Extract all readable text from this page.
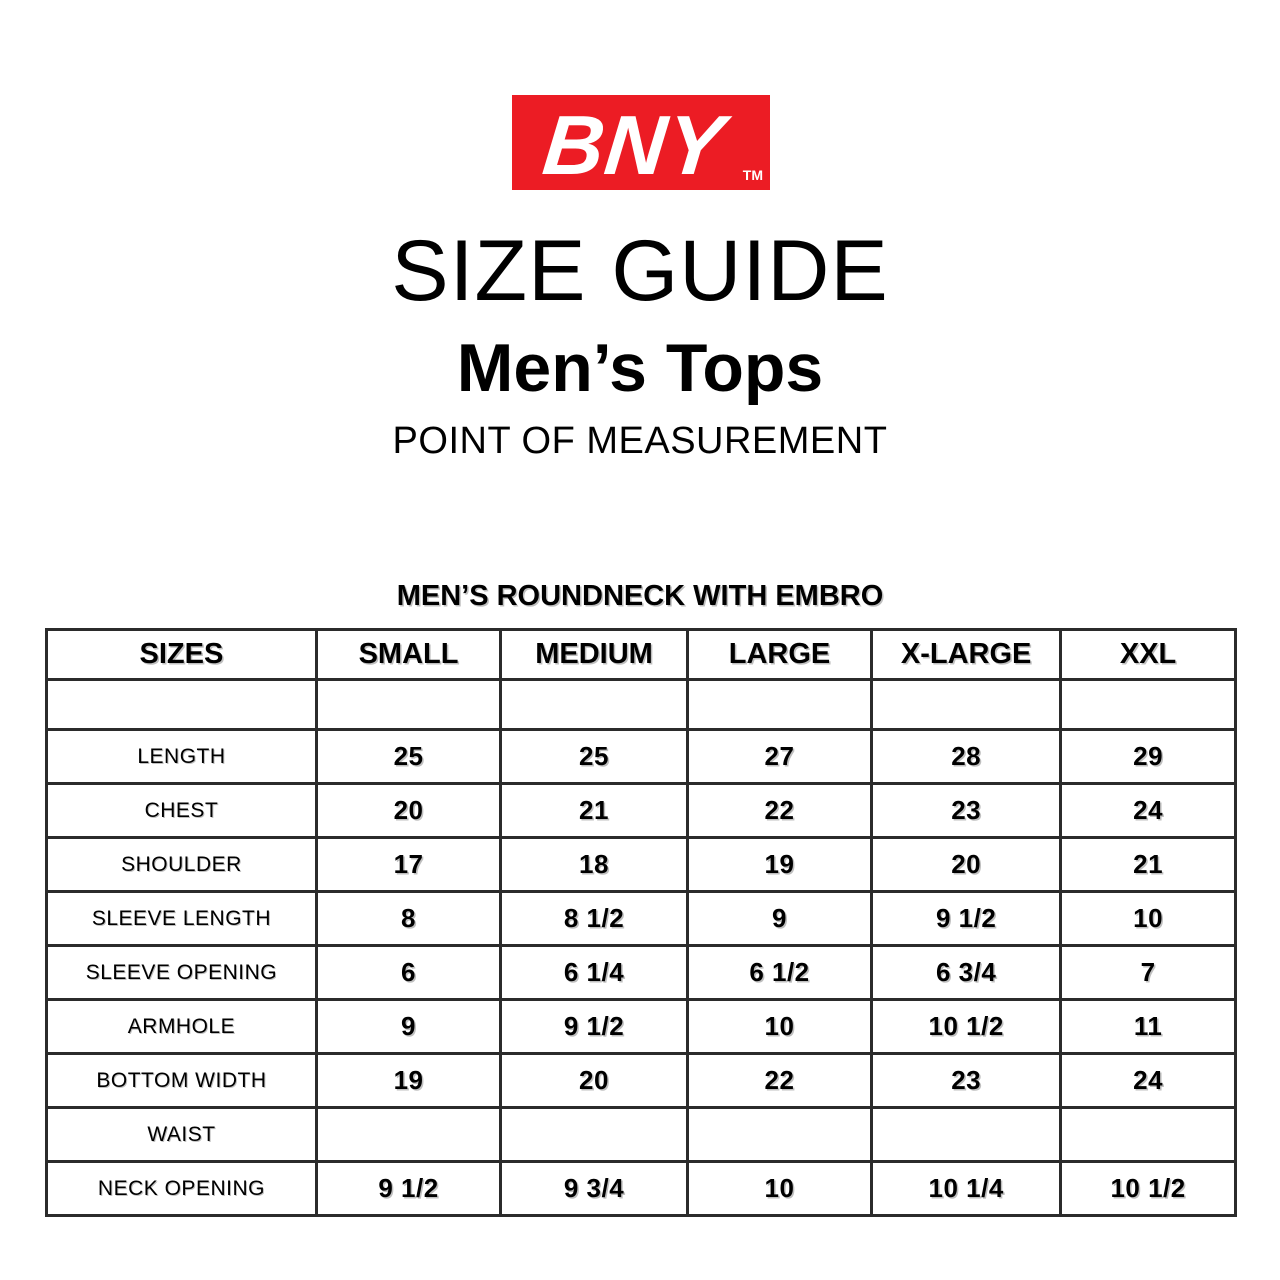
BNY TM
SIZE GUIDE
Men’s Tops
POINT OF MEASUREMENT
MEN’S ROUNDNECK WITH EMBRO
SIZES	SMALL	MEDIUM	LARGE	X-LARGE	XXL

LENGTH	25	25	27	28	29
CHEST	20	21	22	23	24
SHOULDER	17	18	19	20	21
SLEEVE LENGTH	8	8 1/2	9	9 1/2	10
SLEEVE OPENING	6	6 1/4	6 1/2	6 3/4	7
ARMHOLE	9	9 1/2	10	10 1/2	11
BOTTOM WIDTH	19	20	22	23	24
WAIST					
NECK OPENING	9 1/2	9 3/4	10	10 1/4	10 1/2
